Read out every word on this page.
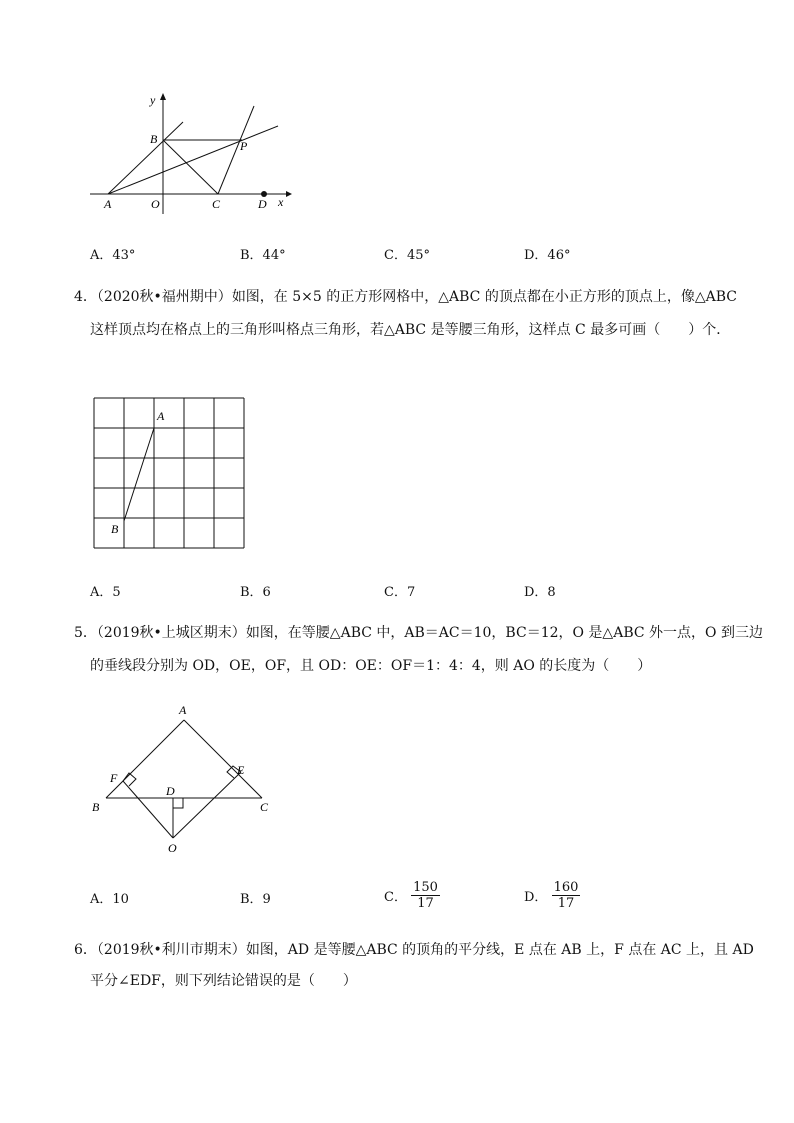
y
B	P
A	O	C	D x
A．43°	B．44°	C．45°	D．46°
4．（2020秋•福州期中）如图，在 5×5 的正方形网格中，△ABC 的顶点都在小正方形的顶点上，像△ABC
这样顶点均在格点上的三角形叫格点三角形，若△ABC 是等腰三角形，这样点 C 最多可画（　　）个．
A
B
A．5	B．6	C．7	D．8
5．（2019秋•上城区期末）如图，在等腰△ABC 中，AB＝AC＝10，BC＝12，O 是△ABC 外一点，O 到三边
的垂线段分别为 OD，OE，OF，且 OD：OE：OF＝1：4：4，则 AO 的长度为（　　）
A
F
E
D
B	C
O
A．10	B．9	C． $\frac{150}{17}$	D． $\frac{160}{17}$
6．（2019秋•利川市期末）如图，AD 是等腰△ABC 的顶角的平分线，E 点在 AB 上，F 点在 AC 上，且 AD
平分∠EDF，则下列结论错误的是（　　）
